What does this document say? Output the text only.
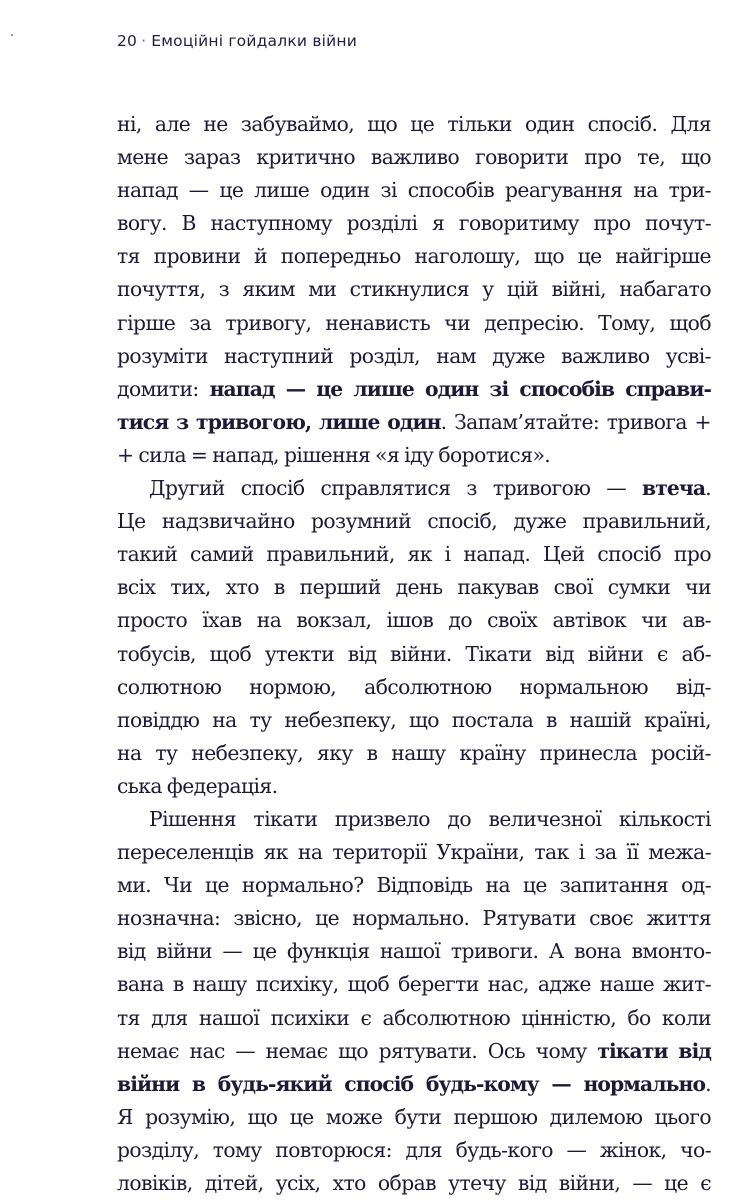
20 · Емоційні гойдалки війни
ні, але не забуваймо, що це тільки один спосіб. Для
мене зараз критично важливо говорити про те, що
напад — це лише один зі способів реагування на три-
вогу. В наступному розділі я говоритиму про почут-
тя провини й попередньо наголошу, що це найгірше
почуття, з яким ми стикнулися у цій війні, набагато
гірше за тривогу, ненависть чи депресію. Тому, щоб
розуміти наступний розділ, нам дуже важливо усві-
домити: напад — це лише один зі способів справи-
тися з тривогою, лише один. Запам’ятайте: тривога +
+ сила = напад, рішення «я іду боротися».
Другий спосіб справлятися з тривогою — втеча.
Це надзвичайно розумний спосіб, дуже правильний,
такий самий правильний, як і напад. Цей спосіб про
всіх тих, хто в перший день пакував свої сумки чи
просто їхав на вокзал, ішов до своїх автівок чи ав-
тобусів, щоб утекти від війни. Тікати від війни є аб-
солютною нормою, абсолютною нормальною від-
повіддю на ту небезпеку, що постала в нашій країні,
на ту небезпеку, яку в нашу країну принесла росій-
ська федерація.
Рішення тікати призвело до величезної кількості
переселенців як на території України, так і за її межа-
ми. Чи це нормально? Відповідь на це запитання од-
нозначна: звісно, це нормально. Рятувати своє життя
від війни — це функція нашої тривоги. А вона вмонто-
вана в нашу психіку, щоб берегти нас, адже наше жит-
тя для нашої психіки є абсолютною цінністю, бо коли
немає нас — немає що рятувати. Ось чому тікати від
війни в будь-який спосіб будь-кому — нормально.
Я розумію, що це може бути першою дилемою цього
розділу, тому повторюся: для будь-кого — жінок, чо-
ловіків, дітей, усіх, хто обрав утечу від війни, — це є
